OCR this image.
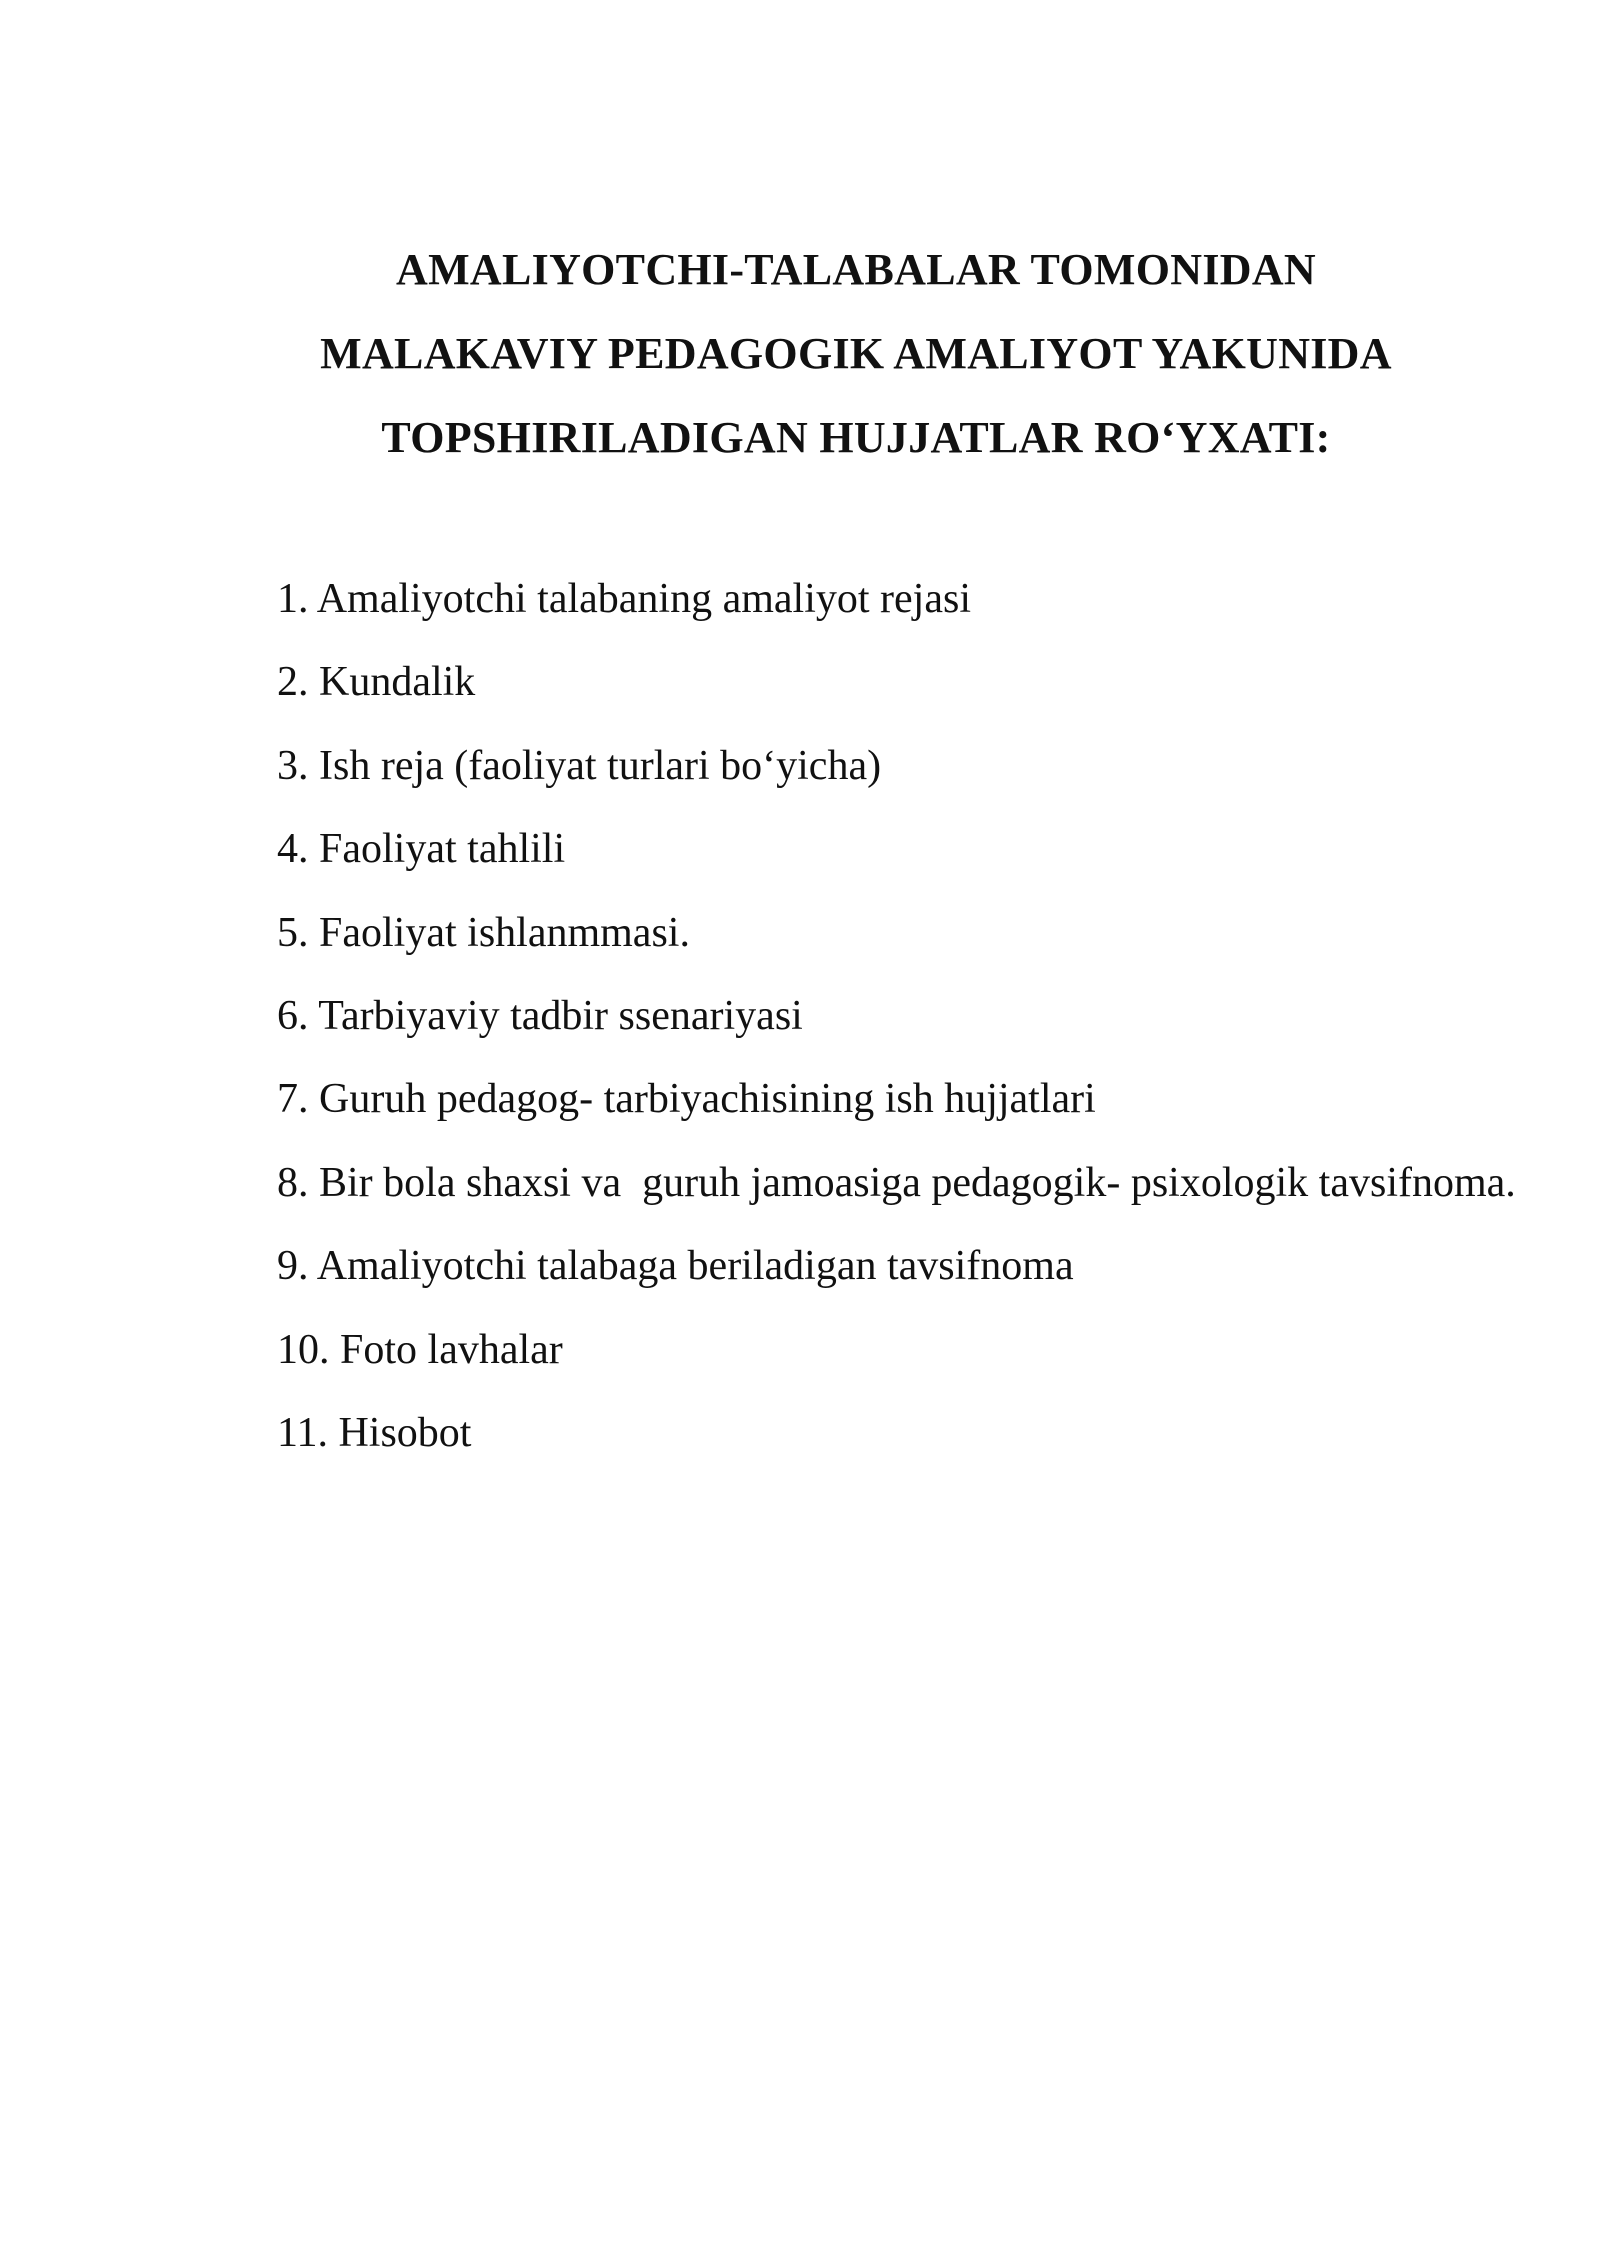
AMALIYOTCHI-TALABALAR TOMONIDAN
MALAKAVIY PEDAGOGIK AMALIYOT YAKUNIDA
TOPSHIRILADIGAN HUJJATLAR RO‘YXATI:
1. Amaliyotchi talabaning amaliyot rejasi
2. Kundalik
3. Ish reja (faoliyat turlari bo‘yicha)
4. Faoliyat tahlili
5. Faoliyat ishlanmmasi.
6. Tarbiyaviy tadbir ssenariyasi
7. Guruh pedagog- tarbiyachisining ish hujjatlari
8. Bir bola shaxsi va  guruh jamoasiga pedagogik- psixologik tavsifnoma.
9. Amaliyotchi talabaga beriladigan tavsifnoma
10. Foto lavhalar
11. Hisobot
